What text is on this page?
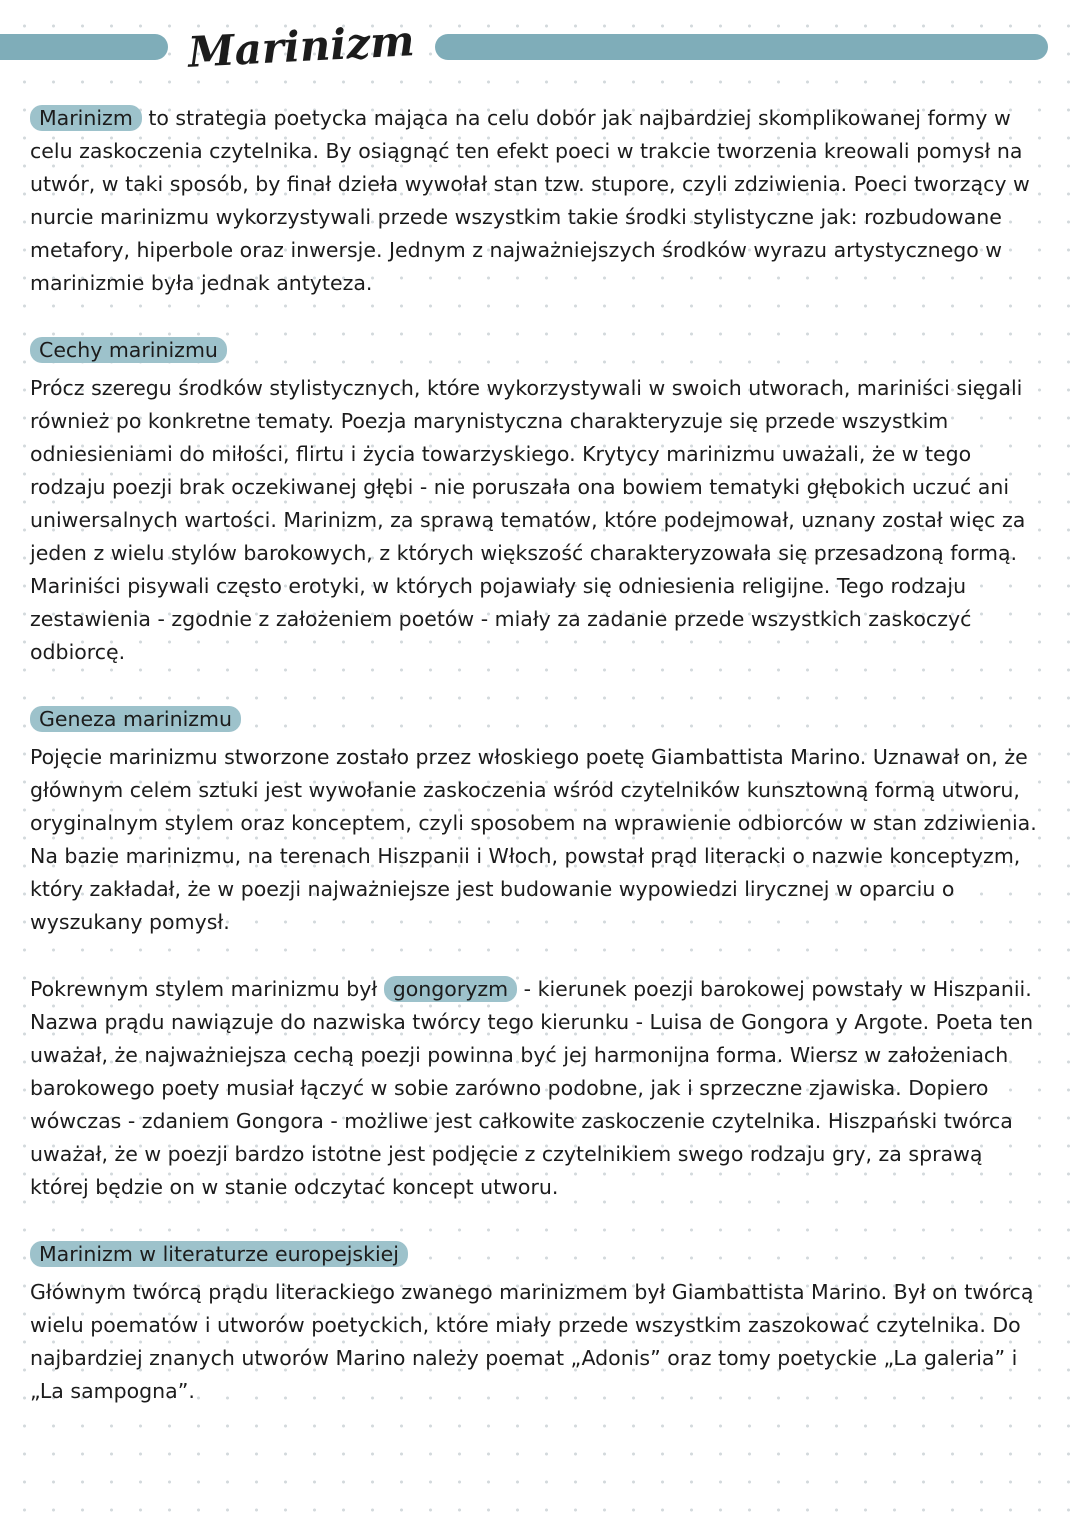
Marinizm

Marinizm to strategia poetycka mająca na celu dobór jak najbardziej skomplikowanej formy w celu zaskoczenia czytelnika. By osiągnąć ten efekt poeci w trakcie tworzenia kreowali pomysł na utwór, w taki sposób, by finał dzieła wywołał stan tzw. stupore, czyli zdziwienia. Poeci tworzący w nurcie marinizmu wykorzystywali przede wszystkim takie środki stylistyczne jak: rozbudowane metafory, hiperbole oraz inwersje. Jednym z najważniejszych środków wyrazu artystycznego w marinizmie była jednak antyteza.

Cechy marinizmu

Prócz szeregu środków stylistycznych, które wykorzystywali w swoich utworach, mariniści sięgali również po konkretne tematy. Poezja marynistyczna charakteryzuje się przede wszystkim odniesieniami do miłości, flirtu i życia towarzyskiego. Krytycy marinizmu uważali, że w tego rodzaju poezji brak oczekiwanej głębi - nie poruszała ona bowiem tematyki głębokich uczuć ani uniwersalnych wartości. Marinizm, za sprawą tematów, które podejmował, uznany został więc za jeden z wielu stylów barokowych, z których większość charakteryzowała się przesadzoną formą. Mariniści pisywali często erotyki, w których pojawiały się odniesienia religijne. Tego rodzaju zestawienia - zgodnie z założeniem poetów - miały za zadanie przede wszystkich zaskoczyć odbiorcę.

Geneza marinizmu

Pojęcie marinizmu stworzone zostało przez włoskiego poetę Giambattista Marino. Uznawał on, że głównym celem sztuki jest wywołanie zaskoczenia wśród czytelników kunsztowną formą utworu, oryginalnym stylem oraz konceptem, czyli sposobem na wprawienie odbiorców w stan zdziwienia. Na bazie marinizmu, na terenach Hiszpanii i Włoch, powstał prąd literacki o nazwie konceptyzm, który zakładał, że w poezji najważniejsze jest budowanie wypowiedzi lirycznej w oparciu o wyszukany pomysł.

Pokrewnym stylem marinizmu był gongoryzm - kierunek poezji barokowej powstały w Hiszpanii. Nazwa prądu nawiązuje do nazwiska twórcy tego kierunku - Luisa de Gongora y Argote. Poeta ten uważał, że najważniejsza cechą poezji powinna być jej harmonijna forma. Wiersz w założeniach barokowego poety musiał łączyć w sobie zarówno podobne, jak i sprzeczne zjawiska. Dopiero wówczas - zdaniem Gongora - możliwe jest całkowite zaskoczenie czytelnika. Hiszpański twórca uważał, że w poezji bardzo istotne jest podjęcie z czytelnikiem swego rodzaju gry, za sprawą której będzie on w stanie odczytać koncept utworu.

Marinizm w literaturze europejskiej

Głównym twórcą prądu literackiego zwanego marinizmem był Giambattista Marino. Był on twórcą wielu poematów i utworów poetyckich, które miały przede wszystkim zaszokować czytelnika. Do najbardziej znanych utworów Marino należy poemat „Adonis” oraz tomy poetyckie „La galeria” i „La sampogna”.
